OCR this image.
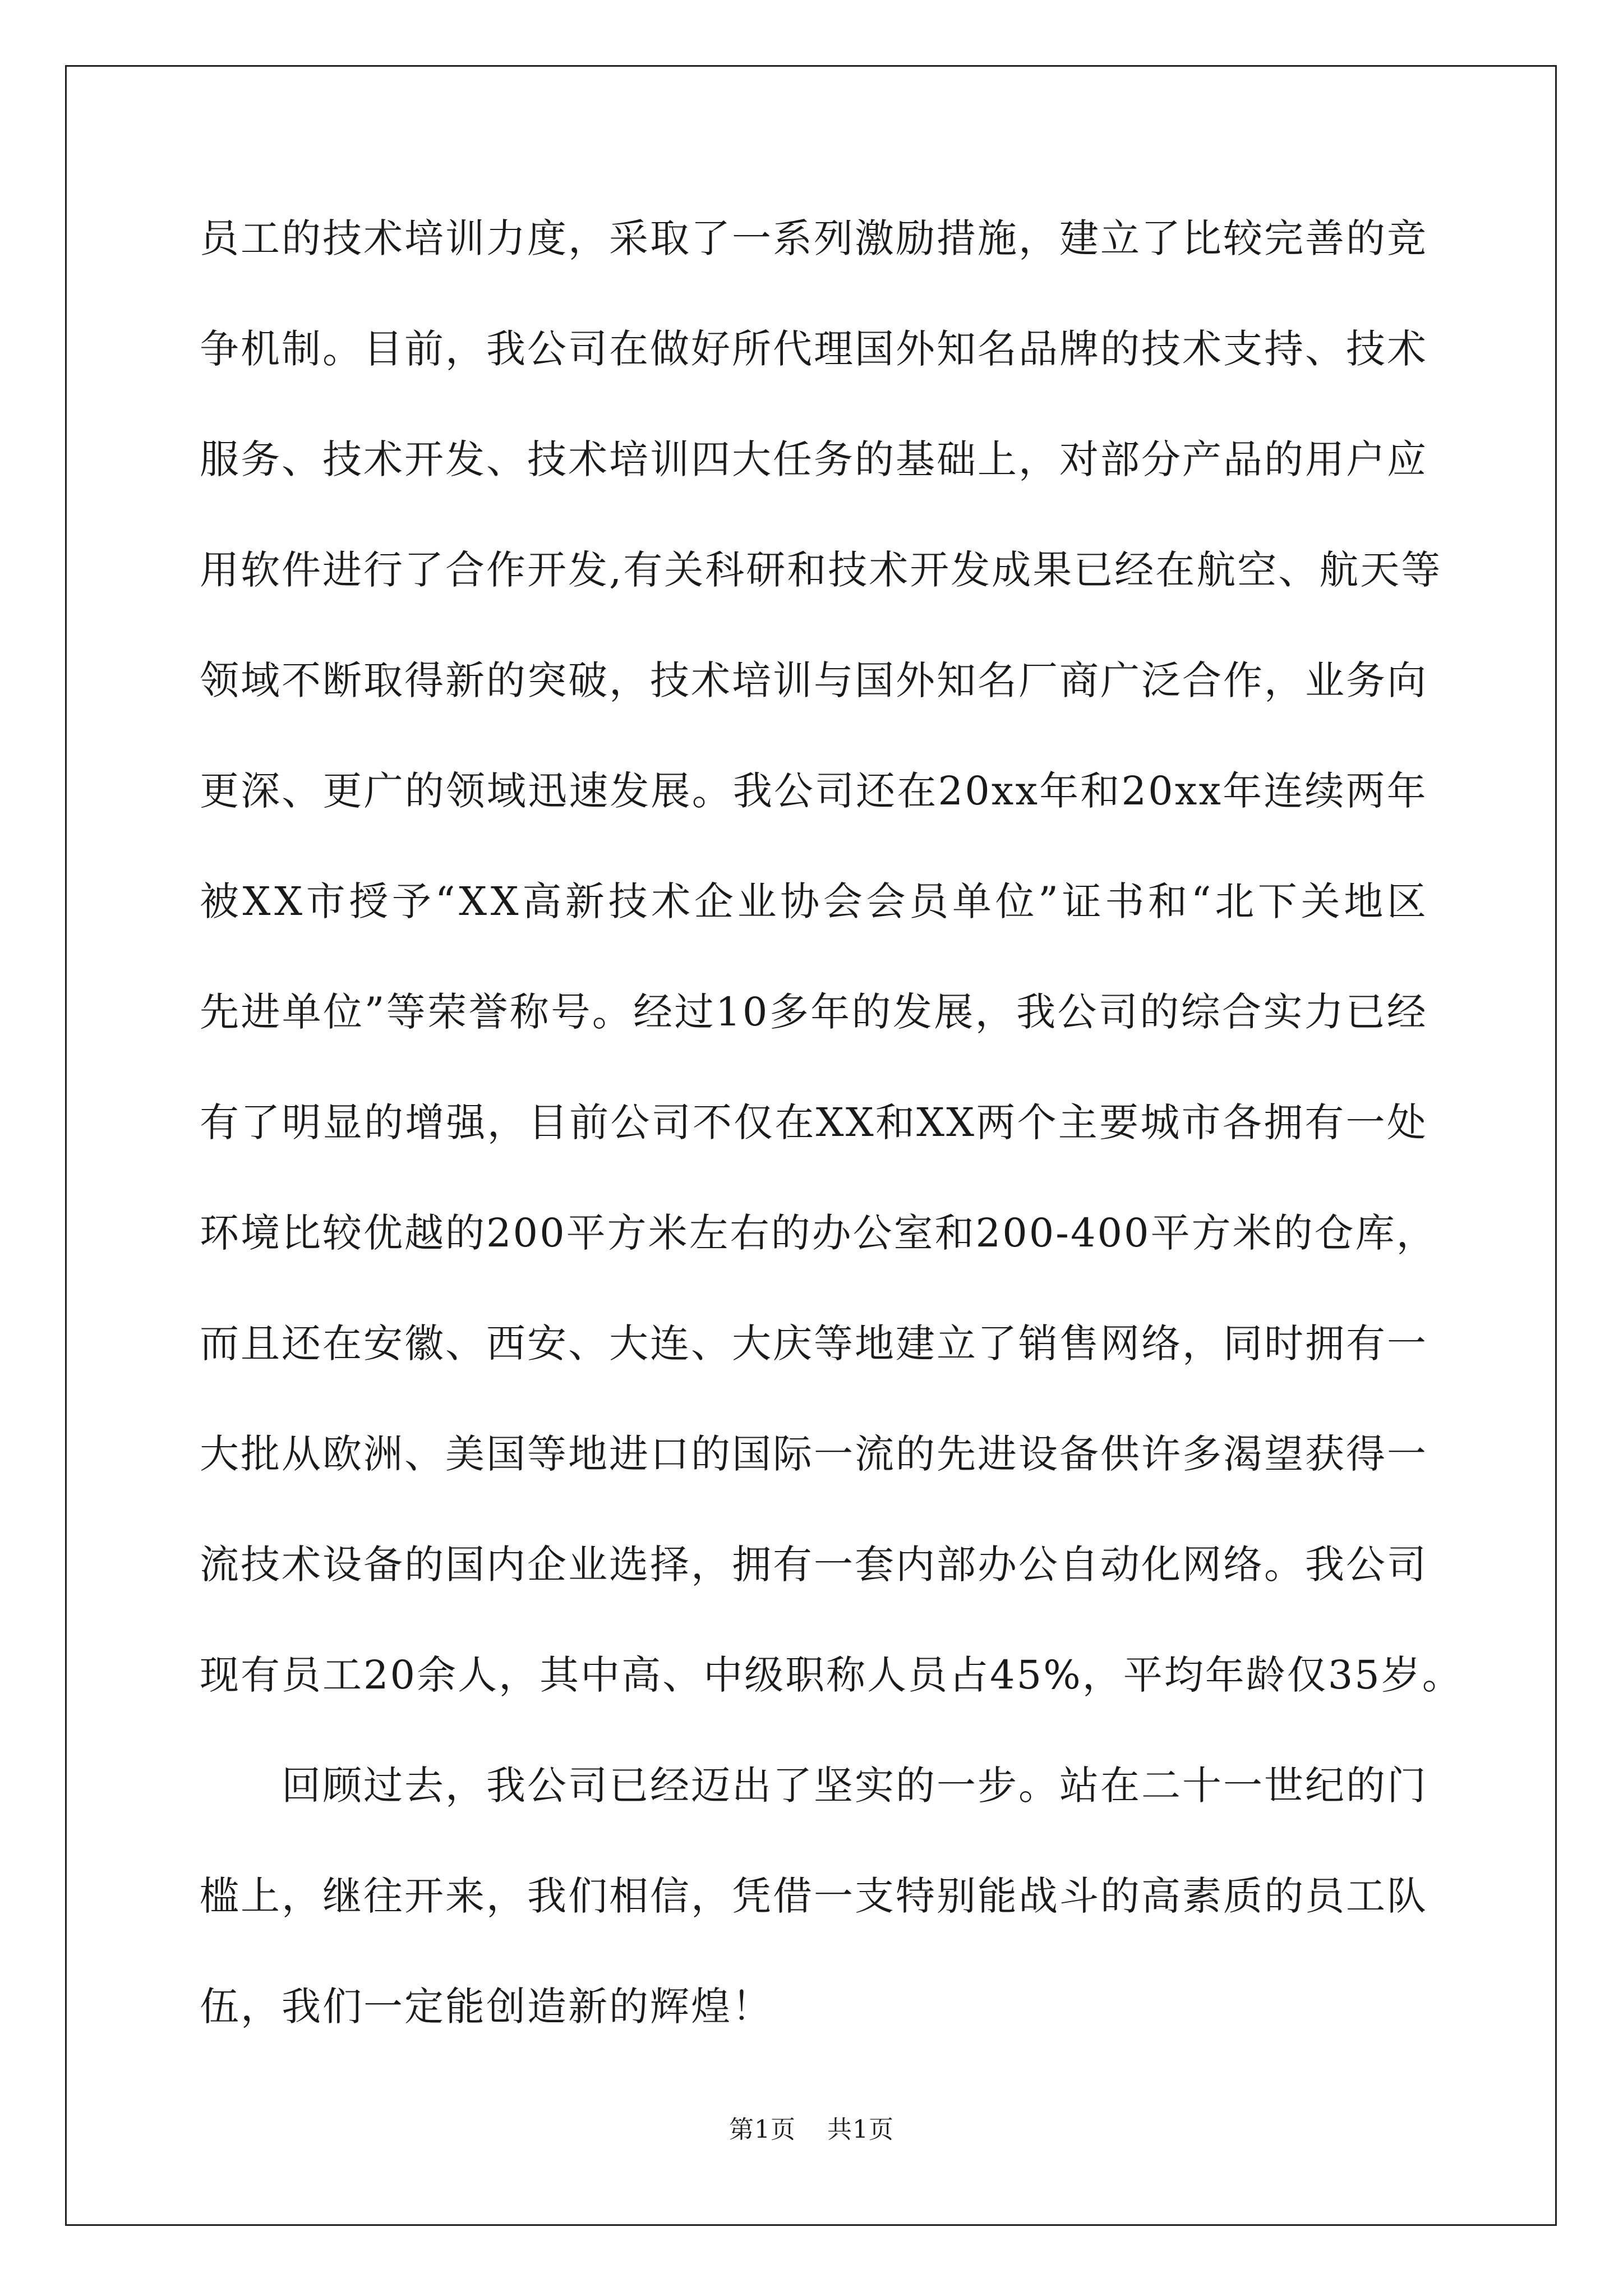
员 工 的 技 术 培 训 力 度 ， 采 取 了 一 系 列 激 励 措 施 ， 建 立 了 比 较 完 善 的 竞
争 机 制 。 目 前 ， 我 公 司 在 做 好 所 代 理 国 外 知 名 品 牌 的 技 术 支 持 、 技 术
服 务 、 技 术 开 发 、 技 术 培 训 四 大 任 务 的 基 础 上 ， 对 部 分 产 品 的 用 户 应
用 软 件 进 行 了 合 作 开 发 , 有 关 科 研 和 技 术 开 发 成 果 已 经 在 航 空 、 航 天 等
领 域 不 断 取 得 新 的 突 破 ， 技 术 培 训 与 国 外 知 名 厂 商 广 泛 合 作 ， 业 务 向
更 深 、 更 广 的 领 域 迅 速 发 展 。 我 公 司 还 在 2 0 x x 年 和 2 0 x x 年 连 续 两 年
被 X X 市 授 予 “ X X 高 新 技 术 企 业 协 会 会 员 单 位 ” 证 书 和 “ 北 下 关 地 区
先 进 单 位 ” 等 荣 誉 称 号 。 经 过 1 0 多 年 的 发 展 ， 我 公 司 的 综 合 实 力 已 经
有 了 明 显 的 增 强 ， 目 前 公 司 不 仅 在 X X 和 X X 两 个 主 要 城 市 各 拥 有 一 处
环 境 比 较 优 越 的 2 0 0 平 方 米 左 右 的 办 公 室 和 2 0 0 - 4 0 0 平 方 米 的 仓 库 ，
而 且 还 在 安 徽 、 西 安 、 大 连 、 大 庆 等 地 建 立 了 销 售 网 络 ， 同 时 拥 有 一
大 批 从 欧 洲 、 美 国 等 地 进 口 的 国 际 一 流 的 先 进 设 备 供 许 多 渴 望 获 得 一
流 技 术 设 备 的 国 内 企 业 选 择 ， 拥 有 一 套 内 部 办 公 自 动 化 网 络 。 我 公 司
现 有 员 工 2 0 余 人 ， 其 中 高 、 中 级 职 称 人 员 占 4 5 % ， 平 均 年 龄 仅 3 5 岁 。

回 顾 过 去 ， 我 公 司 已 经 迈 出 了 坚 实 的 一 步 。 站 在 二 十 一 世 纪 的 门
槛 上 ， 继 往 开 来 ， 我 们 相 信 ， 凭 借 一 支 特 别 能 战 斗 的 高 素 质 的 员 工 队
伍，我们一定能创造新的辉煌！
第1页 共1页
